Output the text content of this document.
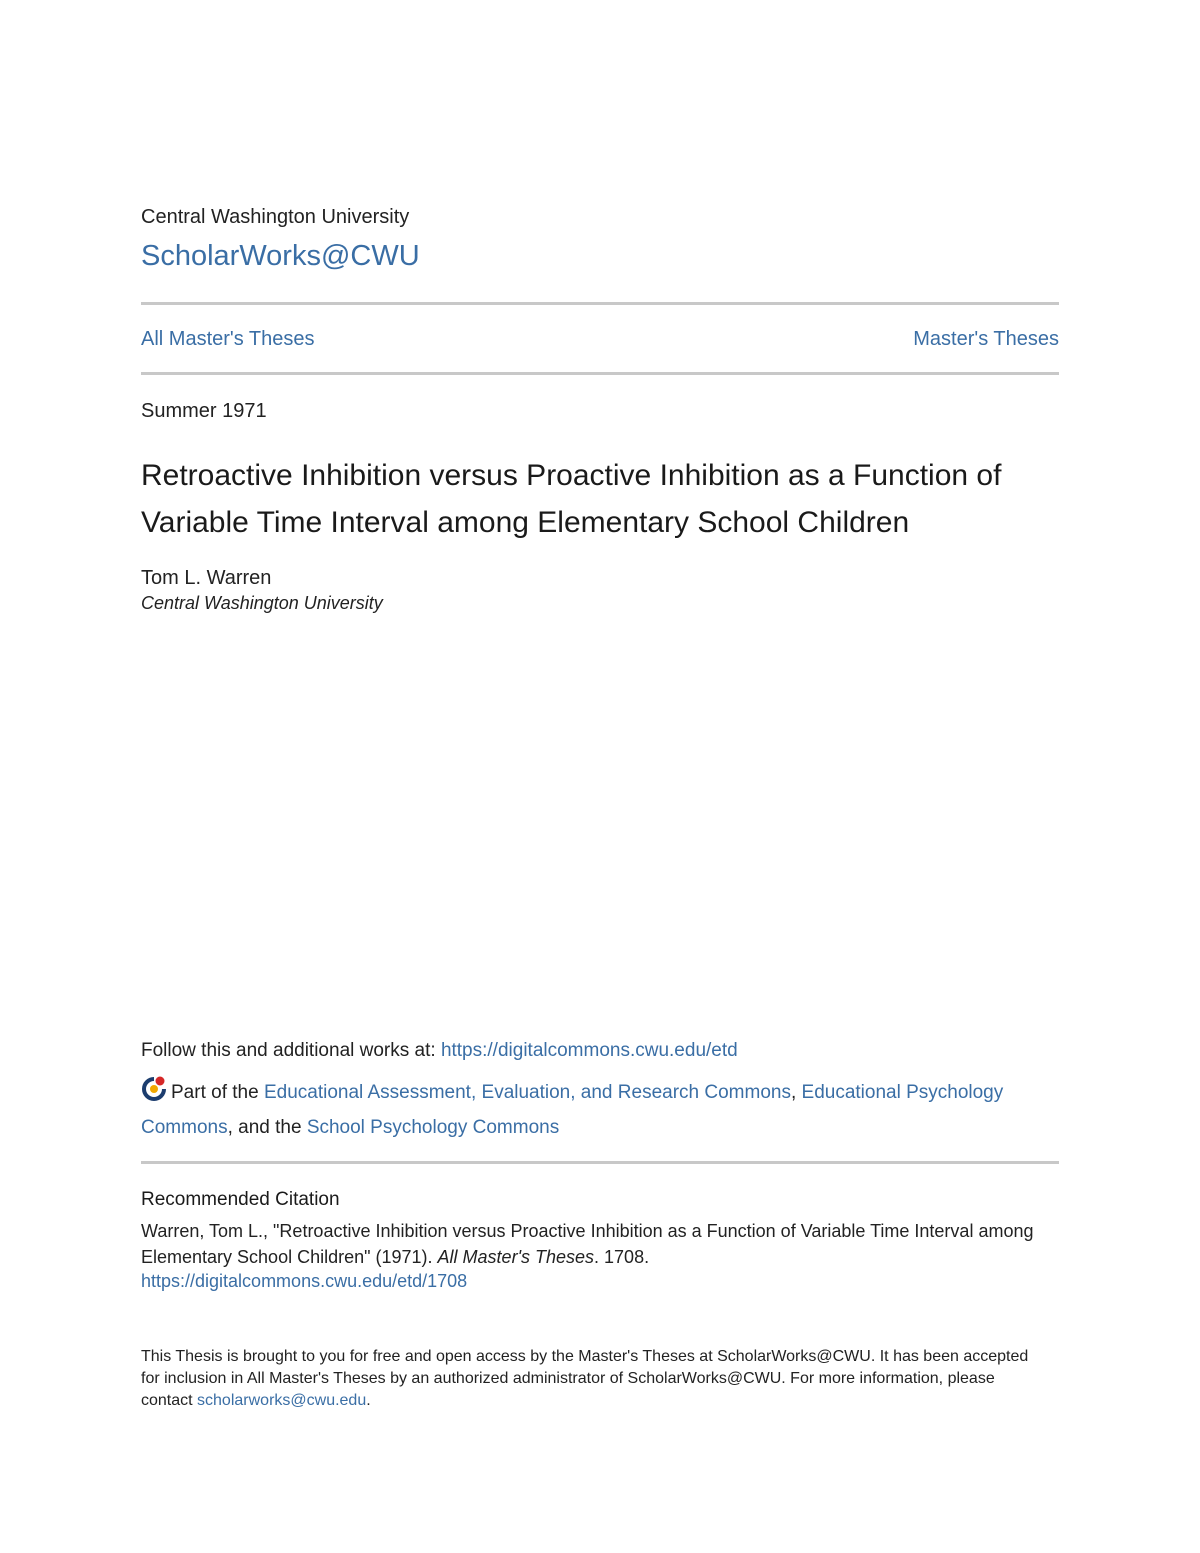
Central Washington University
ScholarWorks@CWU
All Master's Theses	Master's Theses
Summer 1971
Retroactive Inhibition versus Proactive Inhibition as a Function of Variable Time Interval among Elementary School Children
Tom L. Warren
Central Washington University
Follow this and additional works at: https://digitalcommons.cwu.edu/etd
Part of the Educational Assessment, Evaluation, and Research Commons, Educational Psychology Commons, and the School Psychology Commons
Recommended Citation
Warren, Tom L., "Retroactive Inhibition versus Proactive Inhibition as a Function of Variable Time Interval among Elementary School Children" (1971). All Master's Theses. 1708.
https://digitalcommons.cwu.edu/etd/1708
This Thesis is brought to you for free and open access by the Master's Theses at ScholarWorks@CWU. It has been accepted for inclusion in All Master's Theses by an authorized administrator of ScholarWorks@CWU. For more information, please contact scholarworks@cwu.edu.
